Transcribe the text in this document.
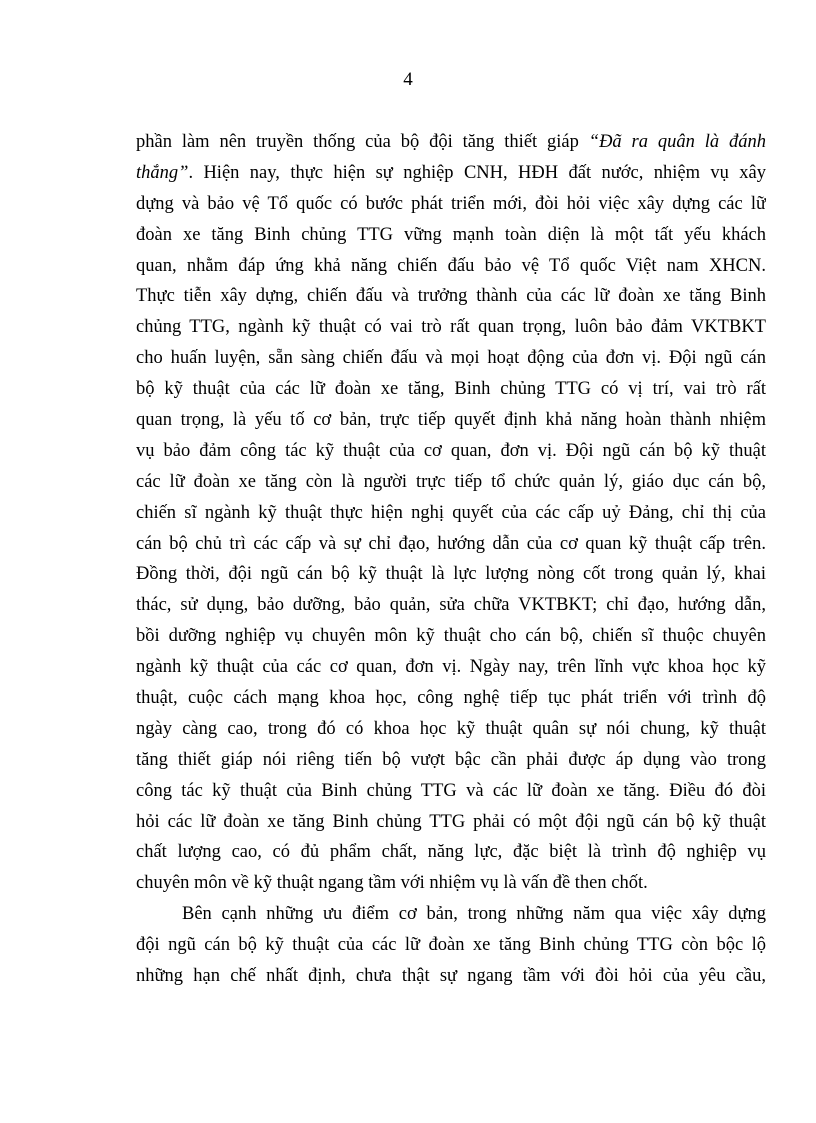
4
phần làm nên truyền thống của bộ đội tăng thiết giáp “Đã ra quân là đánh
thắng”. Hiện nay, thực hiện sự nghiệp CNH, HĐH đất nước, nhiệm vụ xây
dựng và bảo vệ Tổ quốc có bước phát triển mới, đòi hỏi việc xây dựng các lữ
đoàn xe tăng Binh chủng TTG vững mạnh toàn diện là một tất yếu khách
quan, nhằm đáp ứng khả năng chiến đấu bảo vệ Tổ quốc Việt nam XHCN.
Thực tiễn xây dựng, chiến đấu và trưởng thành của các lữ đoàn xe tăng Binh
chủng TTG, ngành kỹ thuật có vai trò rất quan trọng, luôn bảo đảm VKTBKT
cho huấn luyện, sẵn sàng chiến đấu và mọi hoạt động của đơn vị. Đội ngũ cán
bộ kỹ thuật của các lữ đoàn xe tăng, Binh chủng TTG có vị trí, vai trò rất
quan trọng, là yếu tố cơ bản, trực tiếp quyết định khả năng hoàn thành nhiệm
vụ bảo đảm công tác kỹ thuật của cơ quan, đơn vị. Đội ngũ cán bộ kỹ thuật
các lữ đoàn xe tăng còn là người trực tiếp tổ chức quản lý, giáo dục cán bộ,
chiến sĩ ngành kỹ thuật thực hiện nghị quyết của các cấp uỷ Đảng, chỉ thị của
cán bộ chủ trì các cấp và sự chỉ đạo, hướng dẫn của cơ quan kỹ thuật cấp trên.
Đồng thời, đội ngũ cán bộ kỹ thuật là lực lượng nòng cốt trong quản lý, khai
thác, sử dụng, bảo dưỡng, bảo quản, sửa chữa VKTBKT; chỉ đạo, hướng dẫn,
bồi dưỡng nghiệp vụ chuyên môn kỹ thuật cho cán bộ, chiến sĩ thuộc chuyên
ngành kỹ thuật của các cơ quan, đơn vị. Ngày nay, trên lĩnh vực khoa học kỹ
thuật, cuộc cách mạng khoa học, công nghệ tiếp tục phát triển với trình độ
ngày càng cao, trong đó có khoa học kỹ thuật quân sự nói chung, kỹ thuật
tăng thiết giáp nói riêng tiến bộ vượt bậc cần phải được áp dụng vào trong
công tác kỹ thuật của Binh chủng TTG và các lữ đoàn xe tăng. Điều đó đòi
hỏi các lữ đoàn xe tăng Binh chủng TTG phải có một đội ngũ cán bộ kỹ thuật
chất lượng cao, có đủ phẩm chất, năng lực, đặc biệt là trình độ nghiệp vụ
chuyên môn về kỹ thuật ngang tầm với nhiệm vụ là vấn đề then chốt.
Bên cạnh những ưu điểm cơ bản, trong những năm qua việc xây dựng
đội ngũ cán bộ kỹ thuật của các lữ đoàn xe tăng Binh chủng TTG còn bộc lộ
những hạn chế nhất định, chưa thật sự ngang tầm với đòi hỏi của yêu cầu,
